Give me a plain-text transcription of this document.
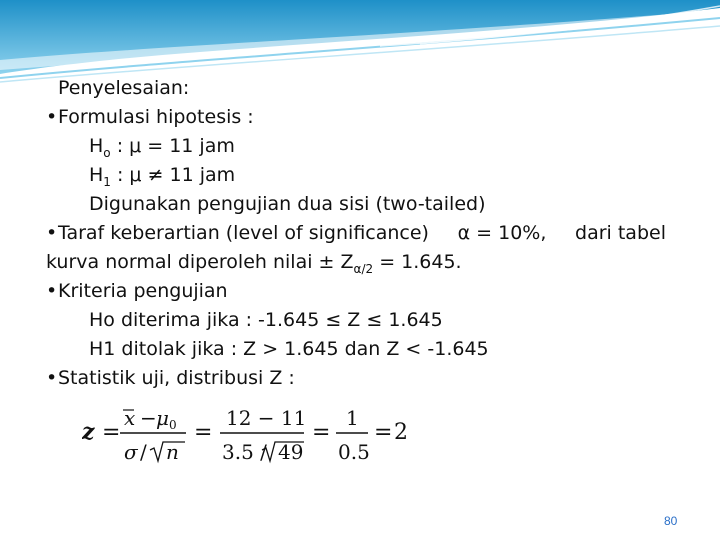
Penyelesaian:
•Formulasi hipotesis :
$H_o$ : μ = 11 jam
$H_1$ : μ ≠ 11 jam
Digunakan pengujian dua sisi (two-tailed)
•Taraf keberartian (level of significance) α = 10%, dari tabel
kurva normal diperoleh nilai ± $Z_{\alpha/2} = 1.645$.
•Kriteria pengujian
Ho diterima jika : -1.645 ≤ Z ≤ 1.645
H1 ditolak jika : Z > 1.645 dan Z < -1.645
•Statistik uji, distribusi Z :
z =
x − μ 0
σ / n
=
12 − 11
3.5 / 49
=
1
0.5
= 2
80
